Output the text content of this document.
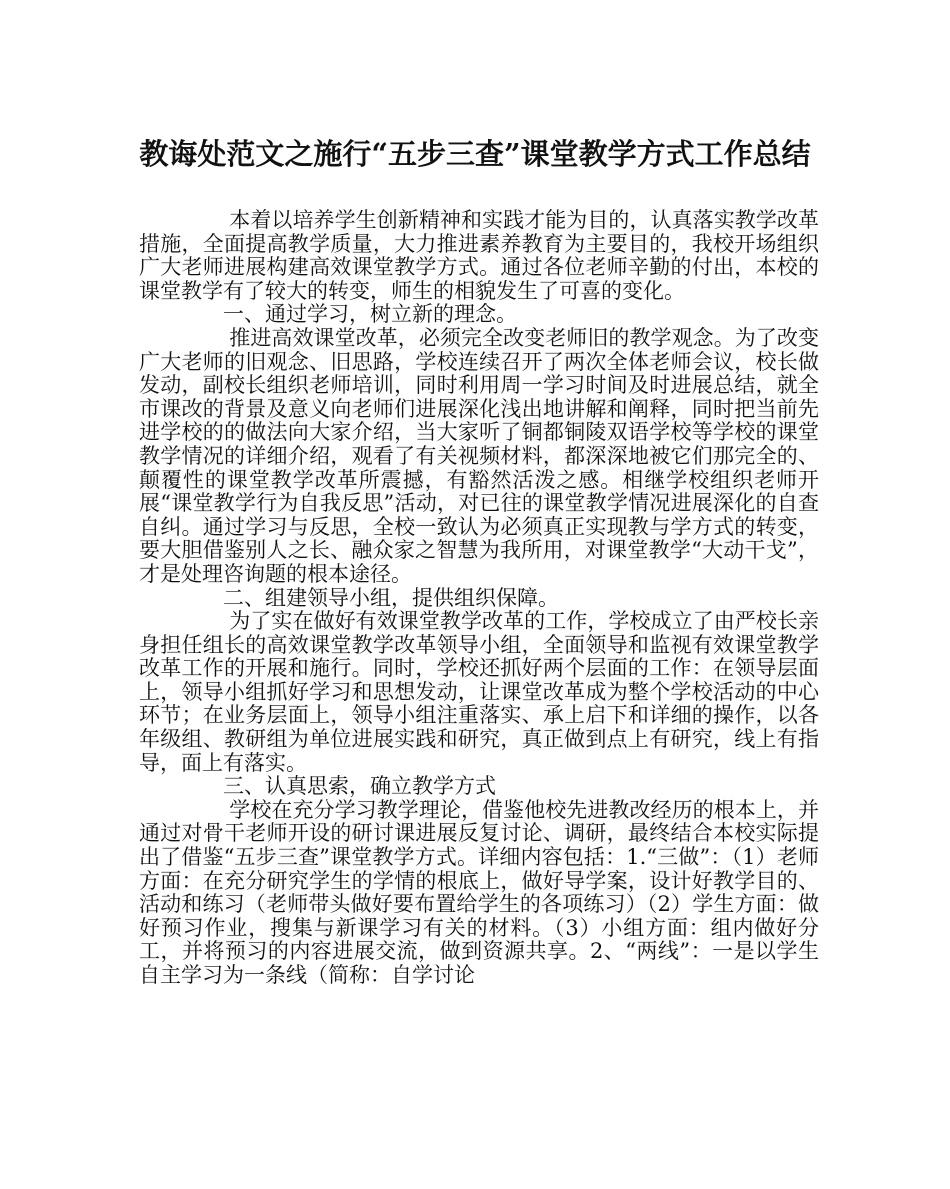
教诲处范文之施行“五步三查”课堂教学方式工作总结

本着以培养学生创新精神和实践才能为目的，认真落实教学改革措施，全面提高教学质量，大力推进素养教育为主要目的，我校开场组织广大老师进展构建高效课堂教学方式。通过各位老师辛勤的付出，本校的课堂教学有了较大的转变，师生的相貌发生了可喜的变化。

一、通过学习，树立新的理念。

推进高效课堂改革，必须完全改变老师旧的教学观念。为了改变广大老师的旧观念、旧思路，学校连续召开了两次全体老师会议，校长做发动，副校长组织老师培训，同时利用周一学习时间及时进展总结，就全市课改的背景及意义向老师们进展深化浅出地讲解和阐释，同时把当前先进学校的的做法向大家介绍，当大家听了铜都铜陵双语学校等学校的课堂教学情况的详细介绍，观看了有关视频材料，都深深地被它们那完全的、颠覆性的课堂教学改革所震撼，有豁然活泼之感。相继学校组织老师开展“课堂教学行为自我反思”活动，对已往的课堂教学情况进展深化的自查自纠。通过学习与反思，全校一致认为必须真正实现教与学方式的转变，要大胆借鉴别人之长、融众家之智慧为我所用，对课堂教学“大动干戈”，才是处理咨询题的根本途径。

二、组建领导小组，提供组织保障。

为了实在做好有效课堂教学改革的工作，学校成立了由严校长亲身担任组长的高效课堂教学改革领导小组，全面领导和监视有效课堂教学改革工作的开展和施行。同时，学校还抓好两个层面的工作：在领导层面上，领导小组抓好学习和思想发动，让课堂改革成为整个学校活动的中心环节；在业务层面上，领导小组注重落实、承上启下和详细的操作，以各年级组、教研组为单位进展实践和研究，真正做到点上有研究，线上有指导，面上有落实。

三、认真思索，确立教学方式

学校在充分学习教学理论，借鉴他校先进教改经历的根本上，并通过对骨干老师开设的研讨课进展反复讨论、调研，最终结合本校实际提出了借鉴“五步三查”课堂教学方式。详细内容包括：1.“三做”：（1）老师方面：在充分研究学生的学情的根底上，做好导学案，设计好教学目的、活动和练习（老师带头做好要布置给学生的各项练习）（2）学生方面：做好预习作业，搜集与新课学习有关的材料。（3）小组方面：组内做好分工，并将预习的内容进展交流，做到资源共享。2、“两线”：一是以学生自主学习为一条线（简称：自学讨论
